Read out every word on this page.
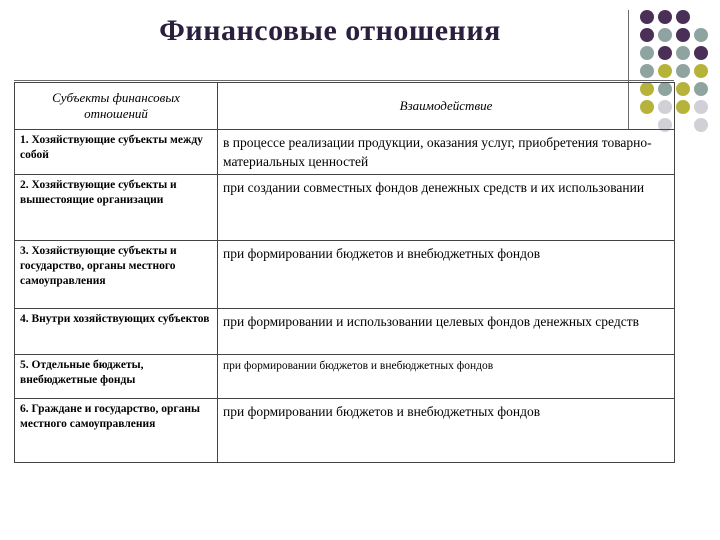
Финансовые отношения
Субъекты финансовых отношений	Взаимодействие
1. Хозяйствующие субъекты между собой	в процессе реализации продукции, оказания услуг, приобретения товарно-материальных ценностей
2. Хозяйствующие субъекты и вышестоящие организации	при создании совместных фондов денежных средств и их использовании
3. Хозяйствующие субъекты и государство, органы местного самоуправления	при формировании бюджетов и внебюджетных фондов
4. Внутри хозяйствующих субъектов	при формировании и использовании целевых фондов денежных средств
5. Отдельные бюджеты, внебюджетные фонды	при формировании бюджетов и внебюджетных фондов
6. Граждане и государство, органы местного самоуправления	при формировании бюджетов и внебюджетных фондов
